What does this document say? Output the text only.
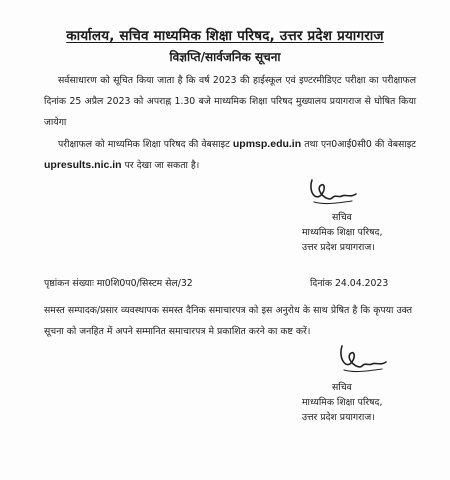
कार्यालय, सचिव माध्यमिक शिक्षा परिषद, उत्तर प्रदेश प्रयागराज
विज्ञप्ति/सार्वजनिक सूचना
सर्वसाधारण को सूचित किया जाता है कि वर्ष 2023 की हाईस्कूल एवं इण्टरमीडिएट परीक्षा का परीक्षाफल दिनांक 25 अप्रैल 2023 को अपराह्न 1.30 बजे माध्यमिक शिक्षा परिषद मुख्यालय प्रयागराज से घोषित किया जायेगा
परीक्षाफल को माध्यमिक शिक्षा परिषद की वेबसाइट upmsp.edu.in तथा एन0आई0सी0 की वेबसाइट upresults.nic.in पर देखा जा सकता है।
सचिव
माध्यमिक शिक्षा परिषद,
उत्तर प्रदेश प्रयागराज।
पृष्ठांकन संख्याः मा0शि0प0/सिस्टम सेल/32	दिनांक 24.04.2023
समस्त सम्पादक/प्रसार व्यवस्थापक समस्त दैनिक समाचारपत्र को इस अनुरोध के साथ प्रेषित है कि कृपया उक्त सूचना को जनहित में अपने सम्मानित समाचारपत्र मे प्रकाशित करने का कष्ट करें।
सचिव
माध्यमिक शिक्षा परिषद,
उत्तर प्रदेश प्रयागराज।
